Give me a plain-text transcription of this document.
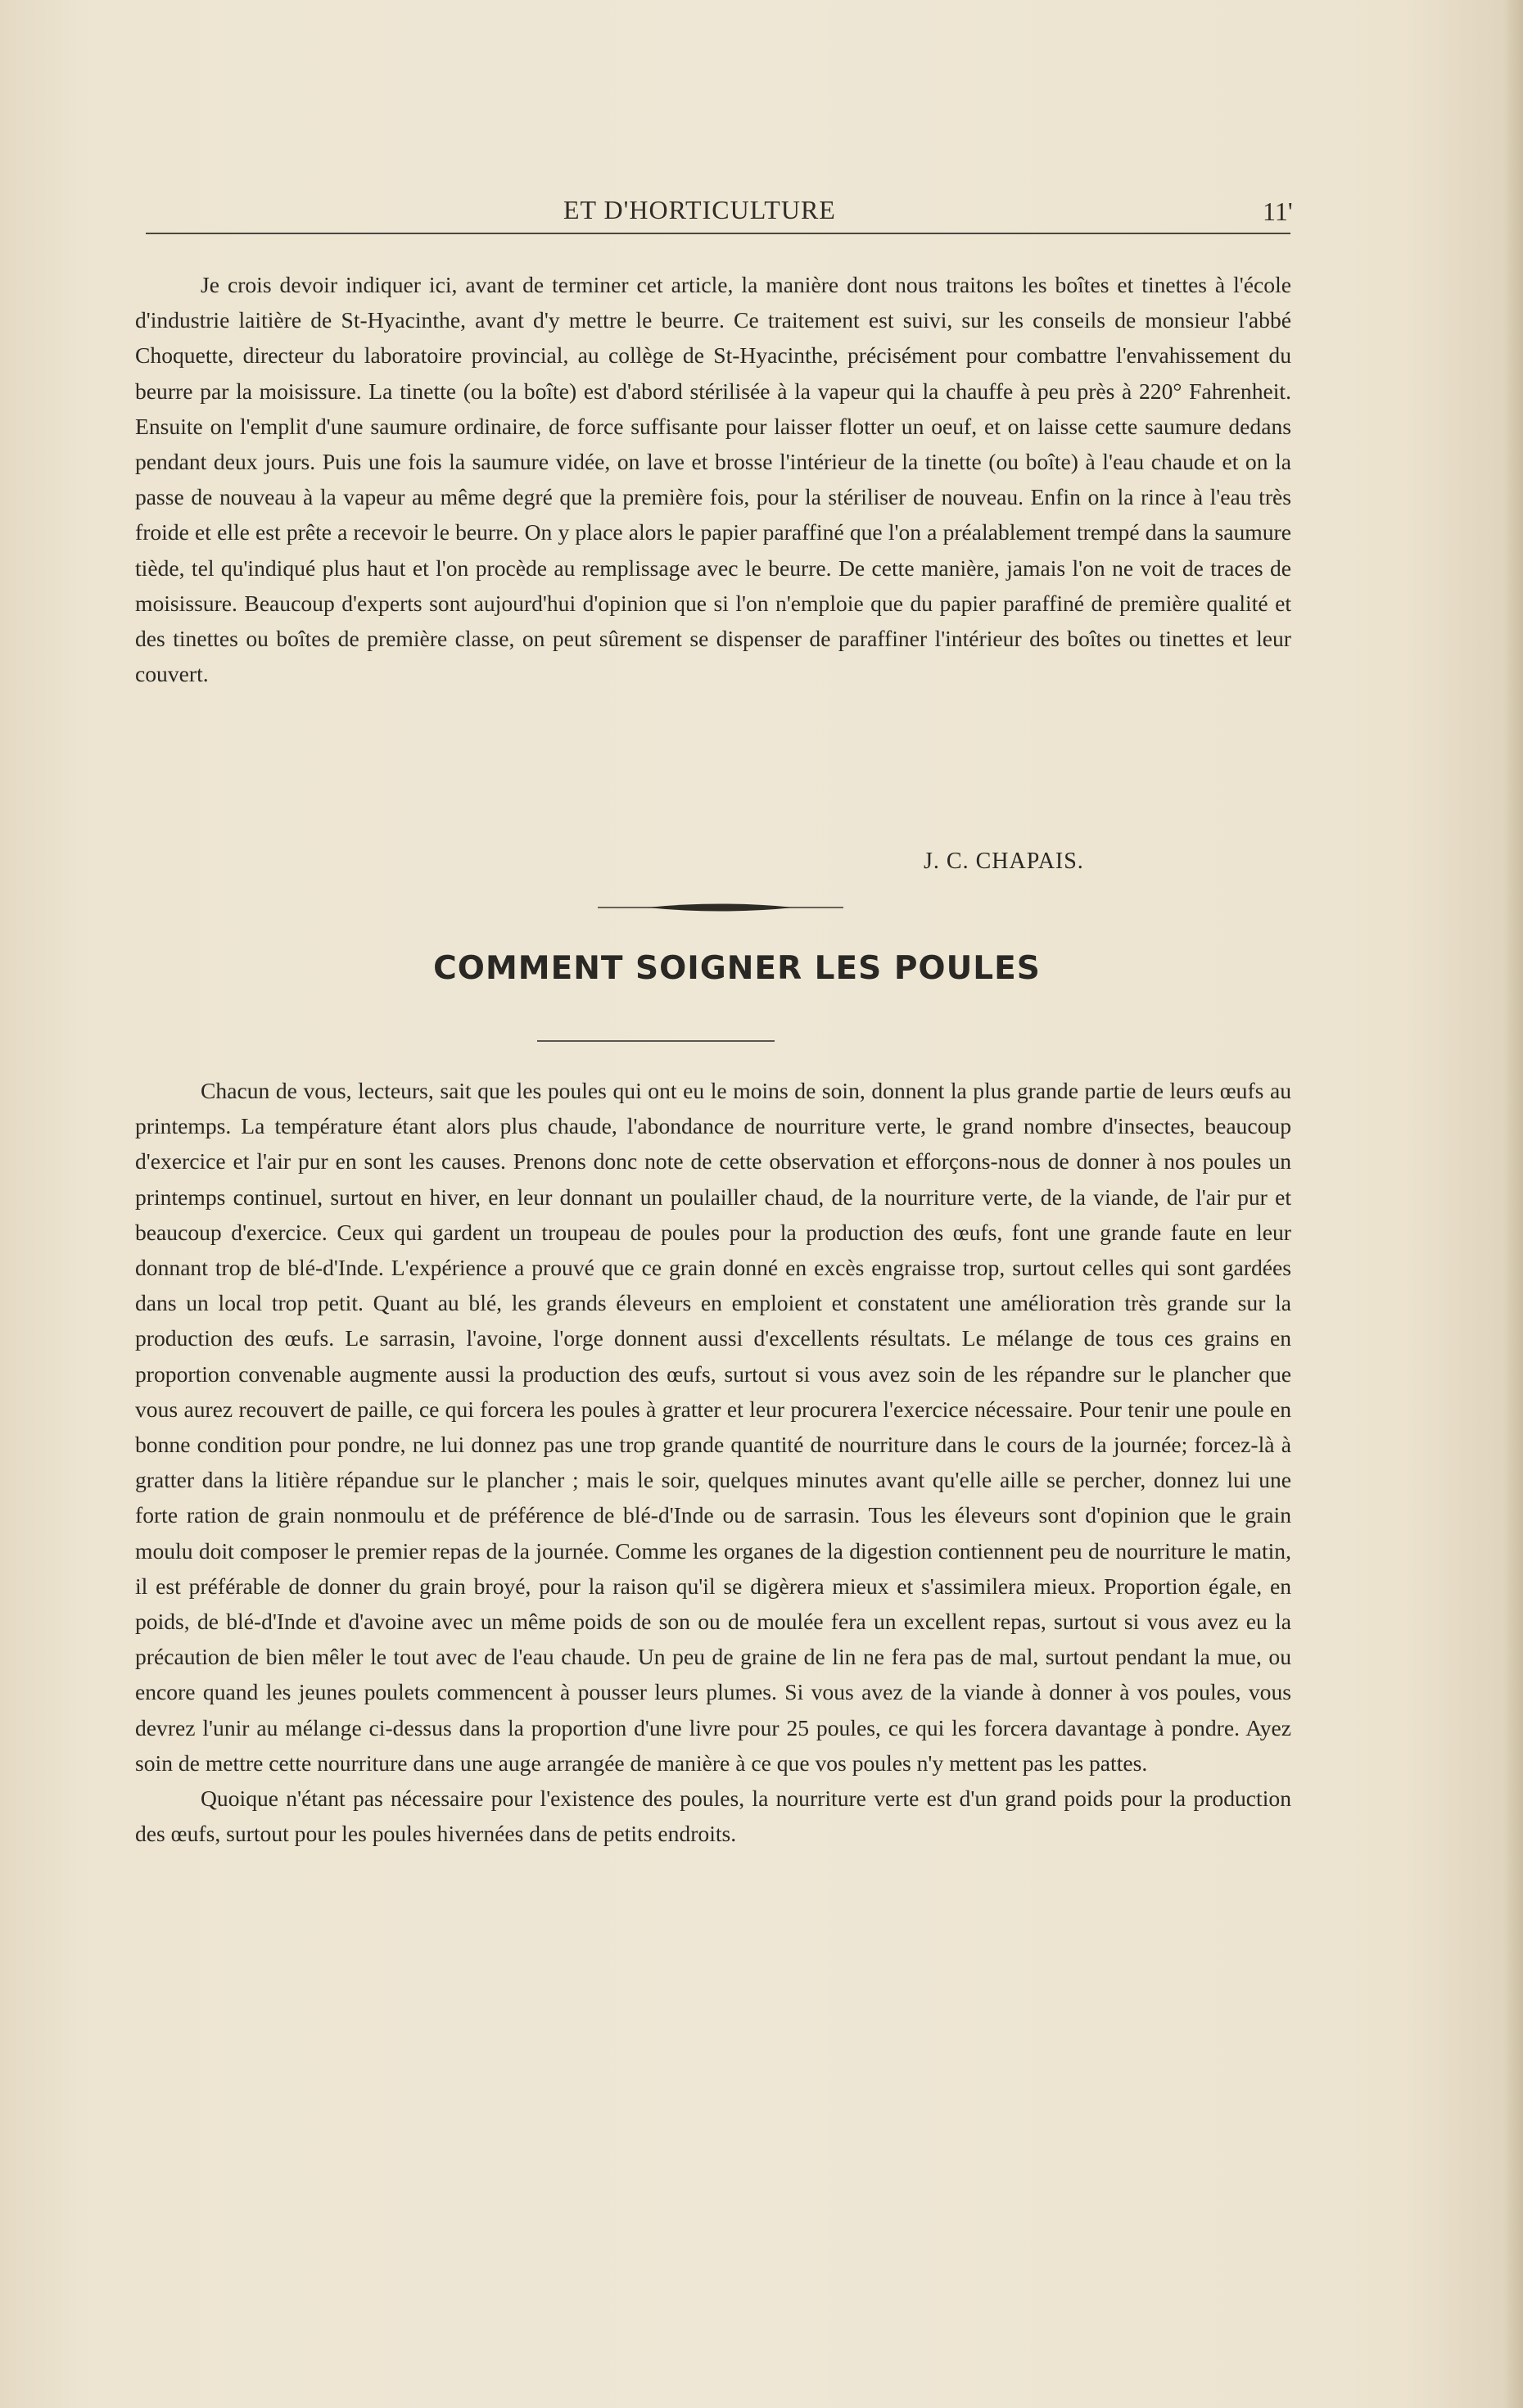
ET D'HORTICULTURE	11'

Je crois devoir indiquer ici, avant de terminer cet article, la manière dont nous traitons les boîtes et tinettes à l'école d'industrie laitière de St-Hyacinthe, avant d'y mettre le beurre. Ce traitement est suivi, sur les conseils de monsieur l'abbé Choquette, directeur du laboratoire provincial, au collège de St-Hyacinthe, précisément pour combattre l'envahissement du beurre par la moisissure. La tinette (ou la boîte) est d'abord stérilisée à la vapeur qui la chauffe à peu près à 220° Fahrenheit. Ensuite on l'emplit d'une saumure ordinaire, de force suffisante pour laisser flotter un oeuf, et on laisse cette saumure dedans pendant deux jours. Puis une fois la saumure vidée, on lave et brosse l'intérieur de la tinette (ou boîte) à l'eau chaude et on la passe de nouveau à la vapeur au même degré que la première fois, pour la stériliser de nouveau. Enfin on la rince à l'eau très froide et elle est prête a recevoir le beurre. On y place alors le papier paraffiné que l'on a préalablement trempé dans la saumure tiède, tel qu'indiqué plus haut et l'on procède au remplissage avec le beurre. De cette manière, jamais l'on ne voit de traces de moisissure. Beaucoup d'experts sont aujourd'hui d'opinion que si l'on n'emploie que du papier paraffiné de première qualité et des tinettes ou boîtes de première classe, on peut sûrement se dispenser de paraffiner l'intérieur des boîtes ou tinettes et leur couvert.

J. C. CHAPAIS.
COMMENT SOIGNER LES POULES

Chacun de vous, lecteurs, sait que les poules qui ont eu le moins de soin, donnent la plus grande partie de leurs œufs au printemps. La température étant alors plus chaude, l'abondance de nourriture verte, le grand nombre d'insectes, beaucoup d'exercice et l'air pur en sont les causes. Prenons donc note de cette observation et efforçons-nous de donner à nos poules un printemps continuel, surtout en hiver, en leur donnant un poulailler chaud, de la nourriture verte, de la viande, de l'air pur et beaucoup d'exercice. Ceux qui gardent un troupeau de poules pour la production des œufs, font une grande faute en leur donnant trop de blé-d'Inde. L'expérience a prouvé que ce grain donné en excès engraisse trop, surtout celles qui sont gardées dans un local trop petit. Quant au blé, les grands éleveurs en emploient et constatent une amélioration très grande sur la production des œufs. Le sarrasin, l'avoine, l'orge donnent aussi d'excellents résultats. Le mélange de tous ces grains en proportion convenable augmente aussi la production des œufs, surtout si vous avez soin de les répandre sur le plancher que vous aurez recouvert de paille, ce qui forcera les poules à gratter et leur procurera l'exercice nécessaire. Pour tenir une poule en bonne condition pour pondre, ne lui donnez pas une trop grande quantité de nourriture dans le cours de la journée; forcez-là à gratter dans la litière répandue sur le plancher ; mais le soir, quelques minutes avant qu'elle aille se percher, donnez lui une forte ration de grain nonmoulu et de préférence de blé-d'Inde ou de sarrasin. Tous les éleveurs sont d'opinion que le grain moulu doit composer le premier repas de la journée. Comme les organes de la digestion contiennent peu de nourriture le matin, il est préférable de donner du grain broyé, pour la raison qu'il se digèrera mieux et s'assimilera mieux. Proportion égale, en poids, de blé-d'Inde et d'avoine avec un même poids de son ou de moulée fera un excellent repas, surtout si vous avez eu la précaution de bien mêler le tout avec de l'eau chaude. Un peu de graine de lin ne fera pas de mal, surtout pendant la mue, ou encore quand les jeunes poulets commencent à pousser leurs plumes. Si vous avez de la viande à donner à vos poules, vous devrez l'unir au mélange ci-dessus dans la proportion d'une livre pour 25 poules, ce qui les forcera davantage à pondre. Ayez soin de mettre cette nourriture dans une auge arrangée de manière à ce que vos poules n'y mettent pas les pattes.

Quoique n'étant pas nécessaire pour l'existence des poules, la nourriture verte est d'un grand poids pour la production des œufs, surtout pour les poules hivernées dans de petits endroits.
